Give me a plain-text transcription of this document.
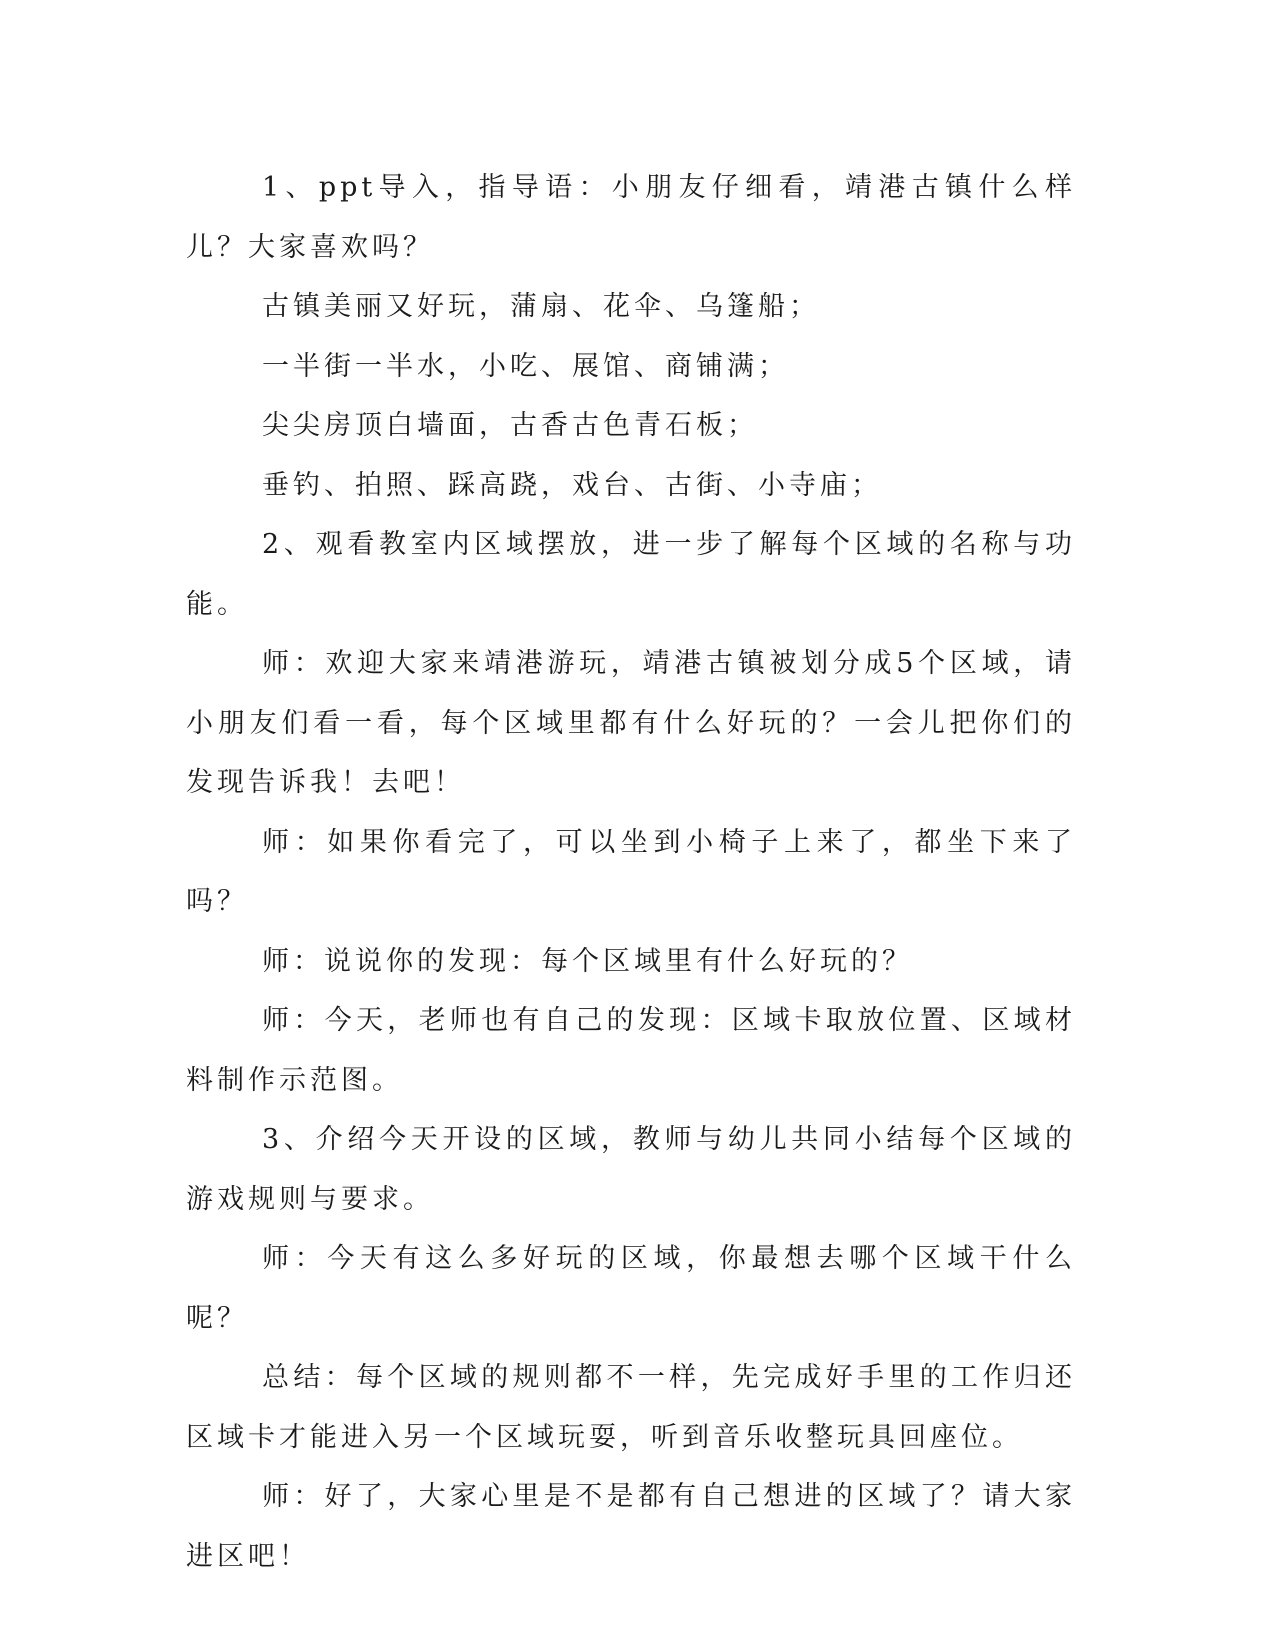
1、ppt导入，指导语：小朋友仔细看，靖港古镇什么样儿？大家喜欢吗？

古镇美丽又好玩，蒲扇、花伞、乌篷船；

一半街一半水，小吃、展馆、商铺满；

尖尖房顶白墙面，古香古色青石板；

垂钓、拍照、踩高跷，戏台、古街、小寺庙；

2、观看教室内区域摆放，进一步了解每个区域的名称与功能。

师：欢迎大家来靖港游玩，靖港古镇被划分成5个区域，请小朋友们看一看，每个区域里都有什么好玩的？一会儿把你们的发现告诉我！去吧！

师：如果你看完了，可以坐到小椅子上来了，都坐下来了吗？

师：说说你的发现：每个区域里有什么好玩的？

师：今天，老师也有自己的发现：区域卡取放位置、区域材料制作示范图。

3、介绍今天开设的区域，教师与幼儿共同小结每个区域的游戏规则与要求。

师：今天有这么多好玩的区域，你最想去哪个区域干什么呢？

总结：每个区域的规则都不一样，先完成好手里的工作归还区域卡才能进入另一个区域玩耍，听到音乐收整玩具回座位。

师：好了，大家心里是不是都有自己想进的区域了？请大家进区吧！
